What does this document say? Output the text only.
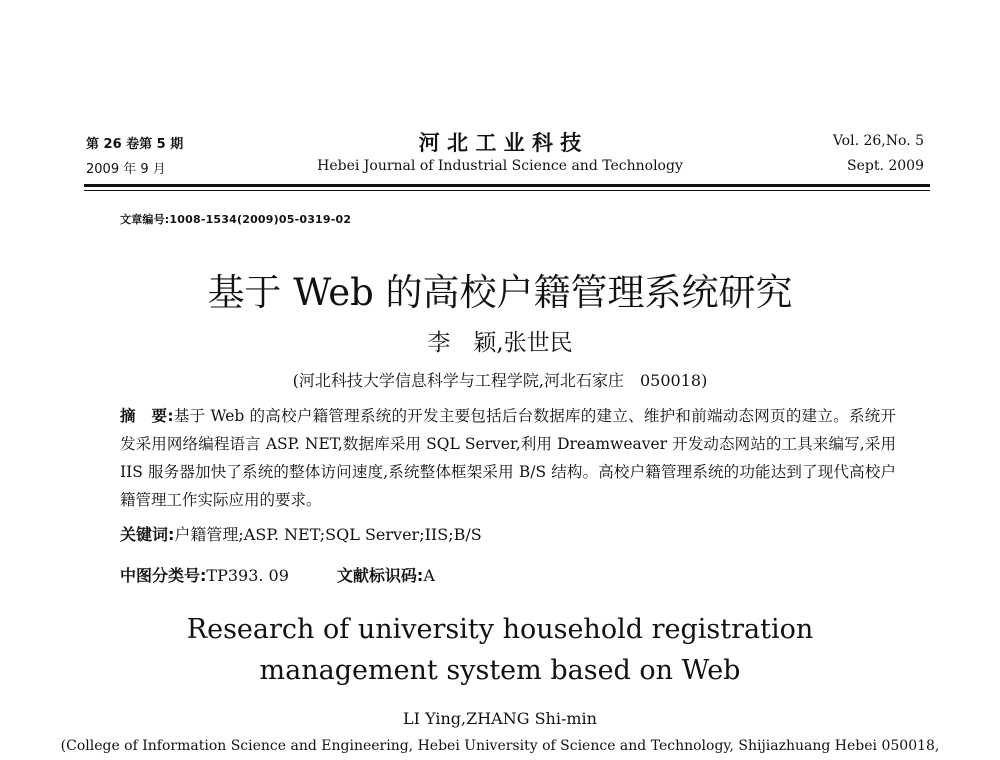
第 26 卷第 5 期
2009 年 9 月
河 北 工 业 科 技
Hebei Journal of Industrial Science and Technology
Vol. 26,No. 5
Sept. 2009
文章编号:1008-1534(2009)05-0319-02
基于 Web 的高校户籍管理系统研究
李　颖,张世民
(河北科技大学信息科学与工程学院,河北石家庄　050018)
摘　要:基于 Web 的高校户籍管理系统的开发主要包括后台数据库的建立、维护和前端动态网页的建立。系统开发采用网络编程语言 ASP. NET,数据库采用 SQL Server,利用 Dreamweaver 开发动态网站的工具来编写,采用 IIS 服务器加快了系统的整体访问速度,系统整体框架采用 B/S 结构。高校户籍管理系统的功能达到了现代高校户籍管理工作实际应用的要求。
关键词:户籍管理;ASP. NET;SQL Server;IIS;B/S
中图分类号:TP393. 09	文献标识码:A
Research of university household registration
management system based on Web
LI Ying,ZHANG Shi-min
(College of Information Science and Engineering, Hebei University of Science and Technology, Shijiazhuang Hebei 050018,
